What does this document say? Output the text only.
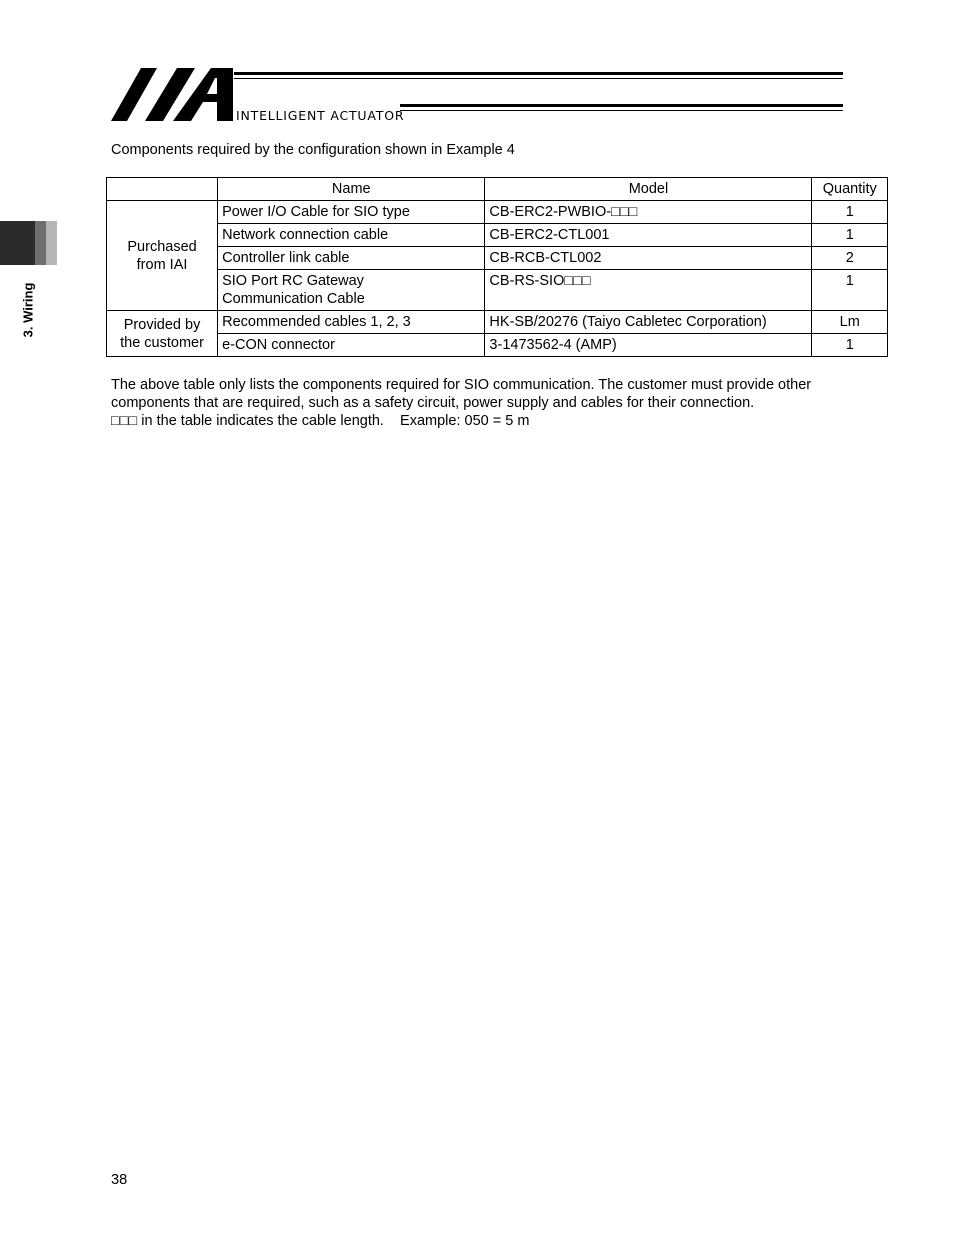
INTELLIGENT ACTUATOR
3. Wiring
Components required by the configuration shown in Example 4
	Name	Model	Quantity
Purchased from IAI	Power I/O Cable for SIO type	CB-ERC2-PWBIO-□□□	1
	Network connection cable	CB-ERC2-CTL001	1
	Controller link cable	CB-RCB-CTL002	2
	SIO Port RC Gateway Communication Cable	CB-RS-SIO□□□	1
Provided by the customer	Recommended cables 1, 2, 3	HK-SB/20276 (Taiyo Cabletec Corporation)	Lm
	e-CON connector	3-1473562-4 (AMP)	1

The above table only lists the components required for SIO communication. The customer must provide other components that are required, such as a safety circuit, power supply and cables for their connection.

□□□ in the table indicates the cable length.    Example: 050 = 5 m

38
